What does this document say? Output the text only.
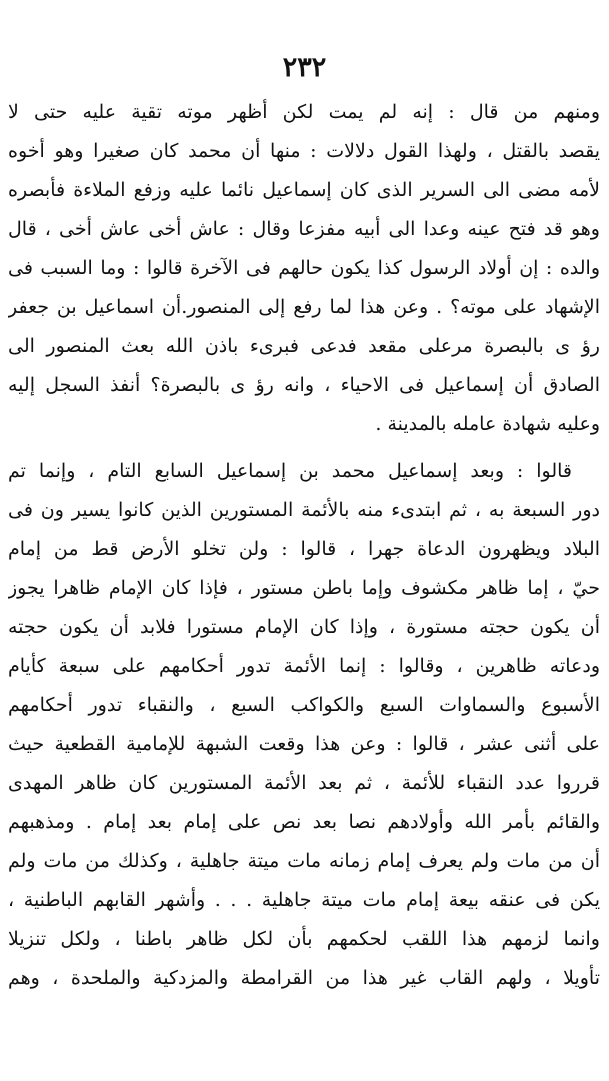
٢٣٢
ومنهم من قال : إنه لم يمت لكن أظهر موته تقية عليه حتى لا
يقصد بالقتل ، ولهذا القول دلالات : منها أن محمد كان صغيرا وهو أخوه
لأمه مضى الى السرير الذى كان إسماعيل نائما عليه وزفع الملاءة فأبصره
وهو قد فتح عينه وعدا الى أبيه مفزعا وقال : عاش أخى عاش أخى ، قال
والده : إن أولاد الرسول كذا يكون حالهم فى الآخرة قالوا : وما السبب فى
الإشهاد على موته؟ . وعن هذا لما رفع إلى المنصور.أن اسماعيل بن جعفر
رؤ ى بالبصرة مرعلى مقعد فدعى فبرىء باذن الله بعث المنصور الى
الصادق أن إسماعيل فى الاحياء ، وانه رؤ ى بالبصرة؟ أنفذ السجل إليه
وعليه شهادة عامله بالمدينة .
قالوا : وبعد إسماعيل محمد بن إسماعيل السابع التام ، وإنما تم
دور السبعة به ، ثم ابتدىء منه بالأئمة المستورين الذين كانوا يسير ون فى
البلاد ويظهرون الدعاة جهرا ، قالوا : ولن تخلو الأرض قط من إمام
حيّ ، إما ظاهر مكشوف وإما باطن مستور ، فإذا كان الإمام ظاهرا يجوز
أن يكون حجته مستورة ، وإذا كان الإمام مستورا فلابد أن يكون حجته
ودعاته ظاهرين ، وقالوا : إنما الأئمة تدور أحكامهم على سبعة كأيام
الأسبوع والسماوات السبع والكواكب السبع ، والنقباء تدور أحكامهم
على أثنى عشر ، قالوا : وعن هذا وقعت الشبهة للإمامية القطعية حيث
قرروا عدد النقباء للأئمة ، ثم بعد الأئمة المستورين كان ظاهر المهدى
والقائم بأمر الله وأولادهم نصا بعد نص على إمام بعد إمام . ومذهبهم
أن من مات ولم يعرف إمام زمانه مات ميتة جاهلية ، وكذلك من مات ولم
يكن فى عنقه بيعة إمام مات ميتة جاهلية . . . وأشهر القابهم الباطنية ،
وانما لزمهم هذا اللقب لحكمهم بأن لكل ظاهر باطنا ، ولكل تنزيلا
تأويلا ، ولهم القاب غير هذا من القرامطة والمزدكية والملحدة ، وهم
